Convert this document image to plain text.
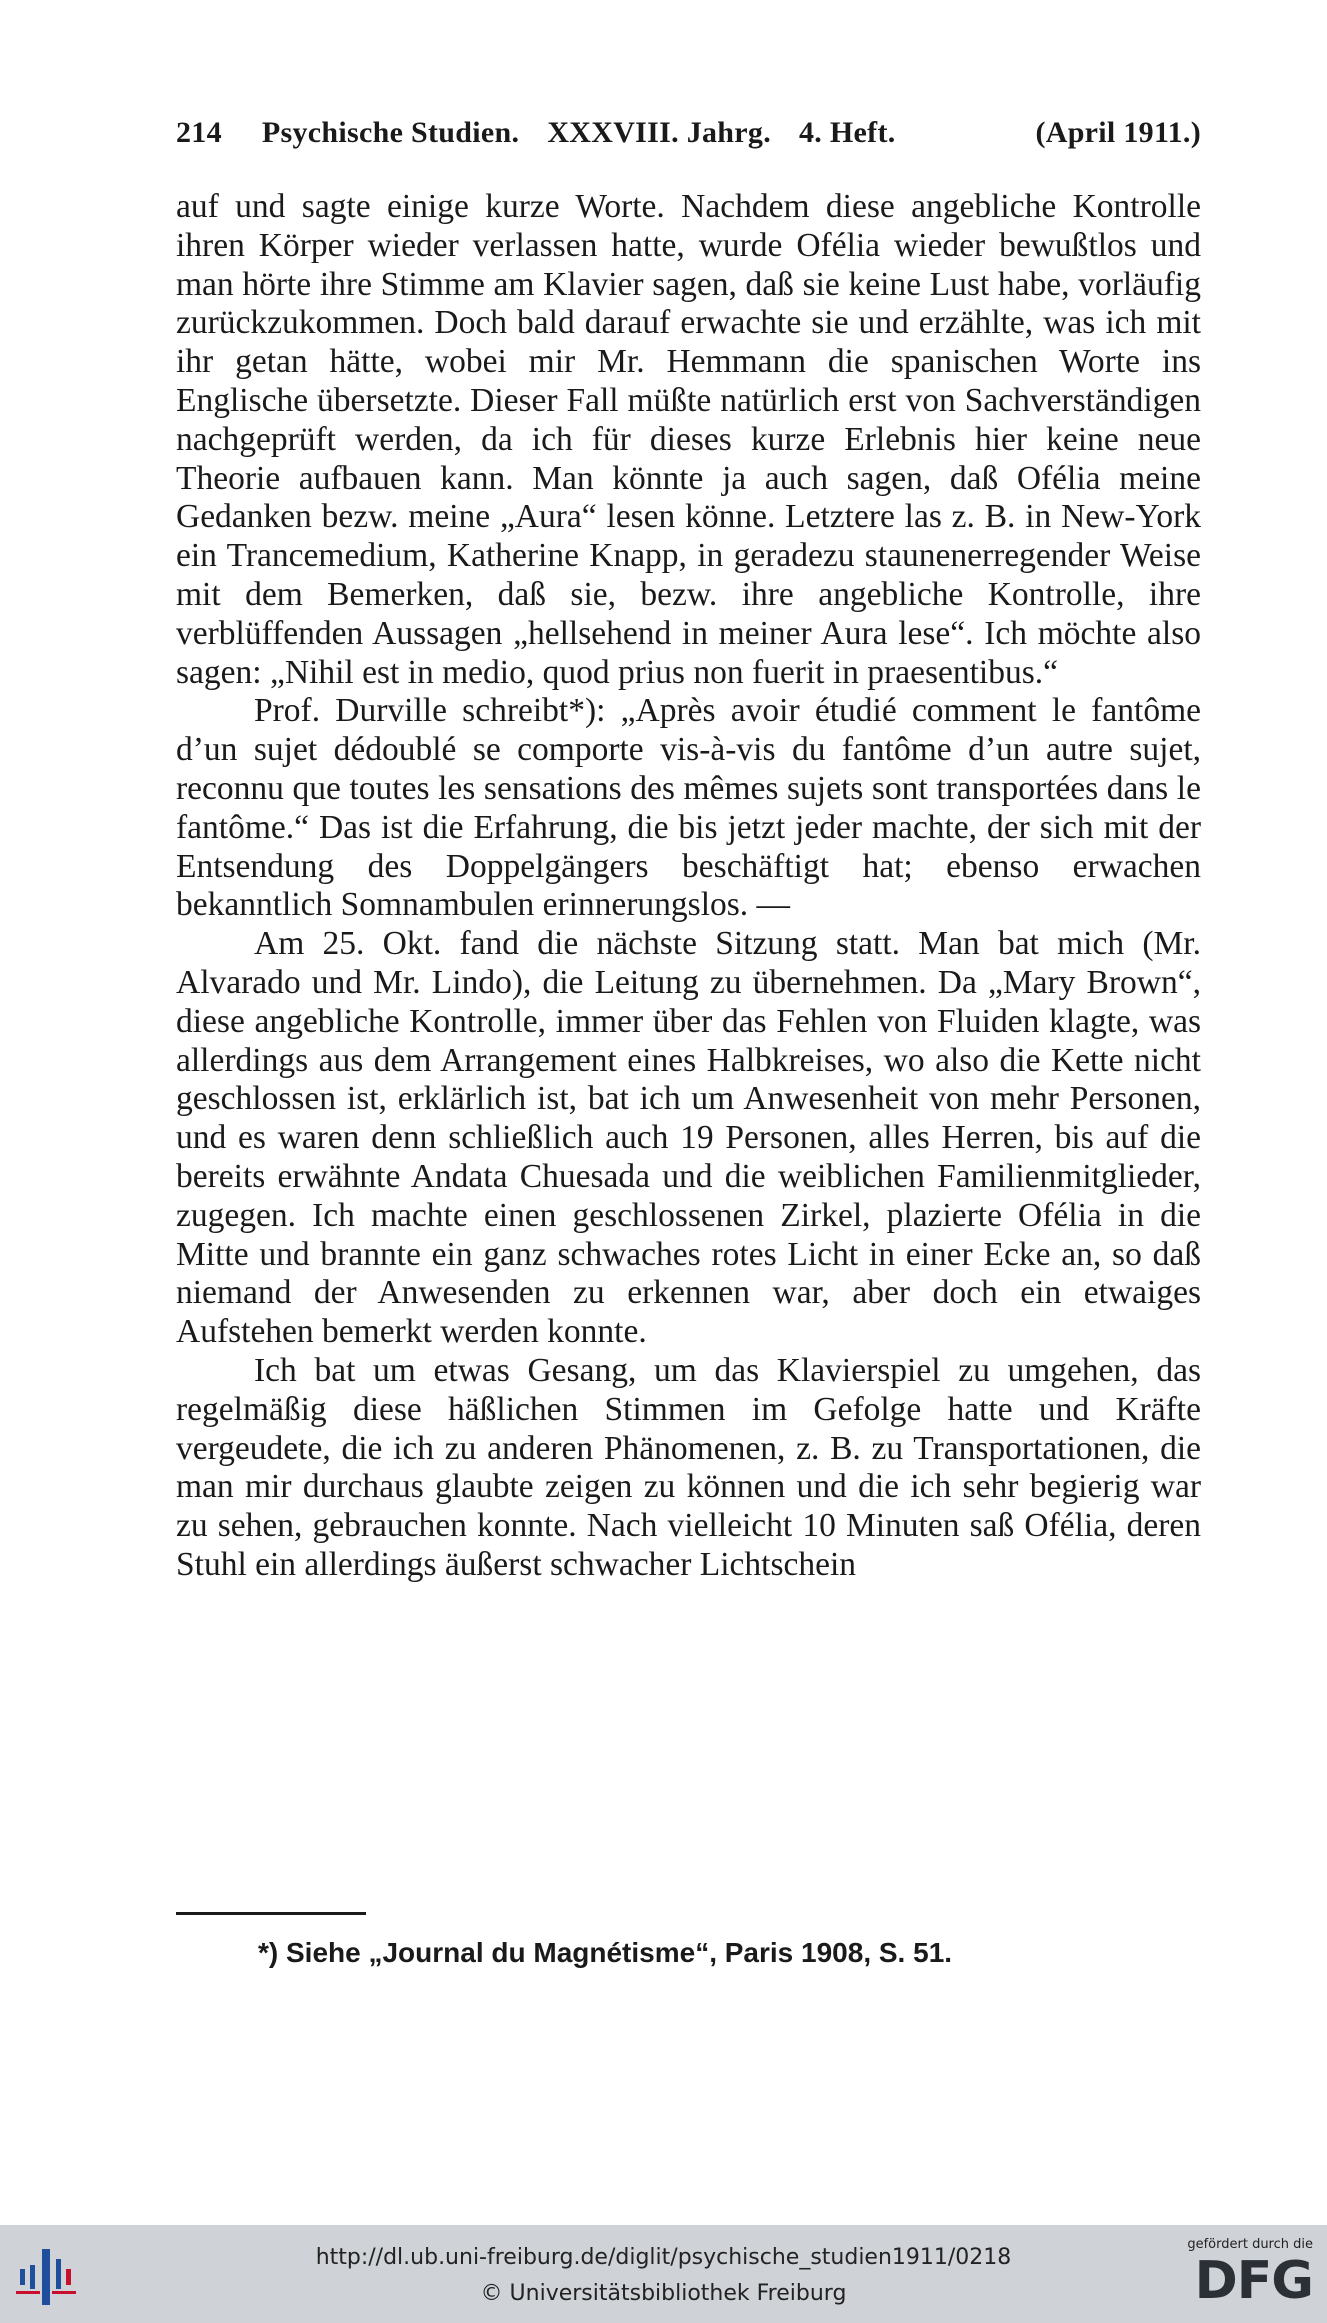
214 Psychische Studien. XXXVIII. Jahrg. 4. Heft.	(April 1911.)

auf und sagte einige kurze Worte. Nachdem diese angebliche Kontrolle ihren Körper wieder verlassen hatte, wurde Ofélia wieder bewußtlos und man hörte ihre Stimme am Klavier sagen, daß sie keine Lust habe, vorläufig zurückzukommen. Doch bald darauf erwachte sie und erzählte, was ich mit ihr getan hätte, wobei mir Mr. Hemmann die spanischen Worte ins Englische übersetzte. Dieser Fall müßte natürlich erst von Sachverständigen nachgeprüft werden, da ich für dieses kurze Erlebnis hier keine neue Theorie aufbauen kann. Man könnte ja auch sagen, daß Ofélia meine Gedanken bezw. meine „Aura“ lesen könne. Letztere las z. B. in New-York ein Trancemedium, Katherine Knapp, in geradezu staunenerregender Weise mit dem Bemerken, daß sie, bezw. ihre angebliche Kontrolle, ihre verblüffenden Aussagen „hellsehend in meiner Aura lese“. Ich möchte also sagen: „Nihil est in medio, quod prius non fuerit in praesentibus.“

Prof. Durville schreibt*): „Après avoir étudié comment le fantôme d’un sujet dédoublé se comporte vis-à-vis du fantôme d’un autre sujet, reconnu que toutes les sensations des mêmes sujets sont transportées dans le fantôme.“ Das ist die Erfahrung, die bis jetzt jeder machte, der sich mit der Entsendung des Doppelgängers beschäftigt hat; ebenso erwachen bekanntlich Somnambulen erinnerungslos. —

Am 25. Okt. fand die nächste Sitzung statt. Man bat mich (Mr. Alvarado und Mr. Lindo), die Leitung zu übernehmen. Da „Mary Brown“, diese angebliche Kontrolle, immer über das Fehlen von Fluiden klagte, was allerdings aus dem Arrangement eines Halbkreises, wo also die Kette nicht geschlossen ist, erklärlich ist, bat ich um Anwesenheit von mehr Personen, und es waren denn schließlich auch 19 Personen, alles Herren, bis auf die bereits erwähnte Andata Chuesada und die weiblichen Familienmitglieder, zugegen. Ich machte einen geschlossenen Zirkel, plazierte Ofélia in die Mitte und brannte ein ganz schwaches rotes Licht in einer Ecke an, so daß niemand der Anwesenden zu erkennen war, aber doch ein etwaiges Aufstehen bemerkt werden konnte.

Ich bat um etwas Gesang, um das Klavierspiel zu umgehen, das regelmäßig diese häßlichen Stimmen im Gefolge hatte und Kräfte vergeudete, die ich zu anderen Phänomenen, z. B. zu Transportationen, die man mir durchaus glaubte zeigen zu können und die ich sehr begierig war zu sehen, gebrauchen konnte. Nach vielleicht 10 Minuten saß Ofélia, deren Stuhl ein allerdings äußerst schwacher Lichtschein

*) Siehe „Journal du Magnétisme“, Paris 1908, S. 51.
http://dl.ub.uni-freiburg.de/diglit/psychische_studien1911/0218
© Universitätsbibliothek Freiburg
gefördert durch die
DFG
